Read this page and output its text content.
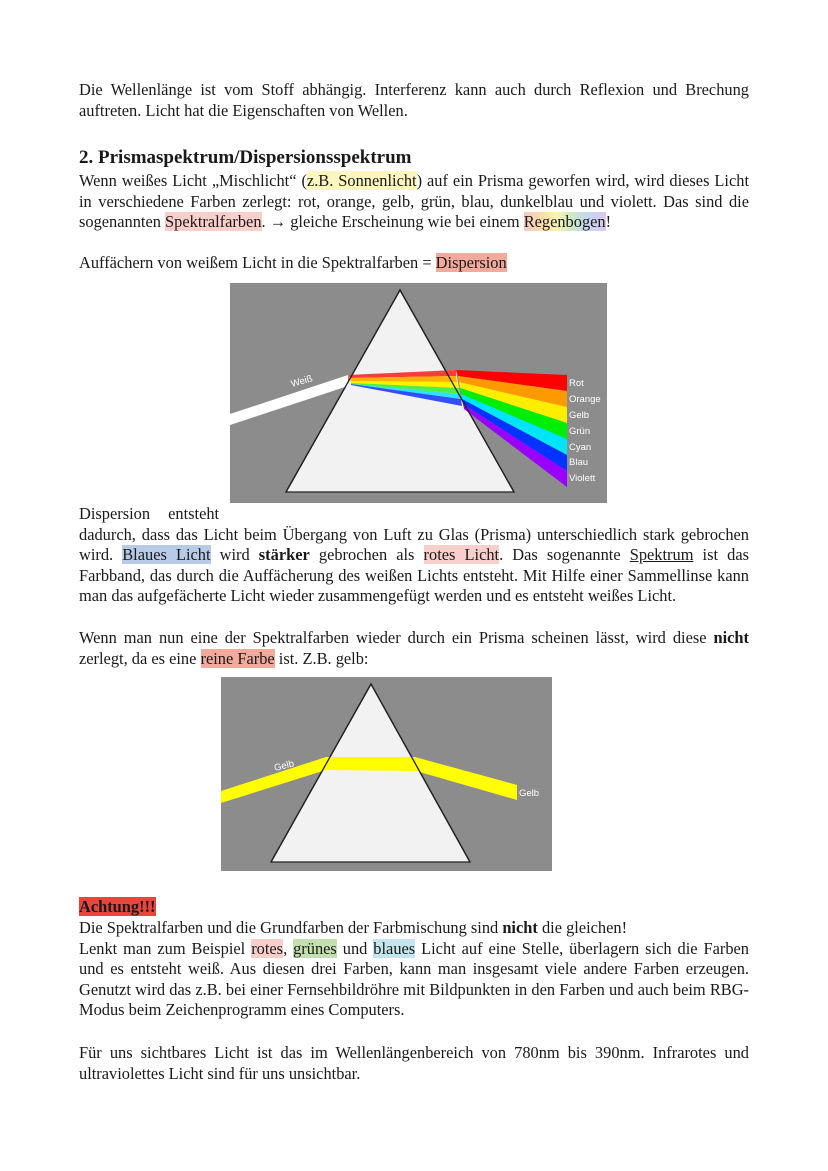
Die Wellenlänge ist vom Stoff abhängig. Interferenz kann auch durch Reflexion und Brechung auftreten. Licht hat die Eigenschaften von Wellen.

2. Prismaspektrum/Dispersionsspektrum

Wenn weißes Licht „Mischlicht“ (z.B. Sonnenlicht) auf ein Prisma geworfen wird, wird dieses Licht in verschiedene Farben zerlegt: rot, orange, gelb, grün, blau, dunkelblau und violett. Das sind die sogenannten Spektralfarben. → gleiche Erscheinung wie bei einem Regenbogen!

Auffächern von weißem Licht in die Spektralfarben = Dispersion

Weiß	Rot
Orange
Gelb
Grün
Cyan
Blau
Violett

Dispersion entsteht
dadurch, dass das Licht beim Übergang von Luft zu Glas (Prisma) unterschiedlich stark gebrochen wird. Blaues Licht wird stärker gebrochen als rotes Licht. Das sogenannte Spektrum ist das Farbband, das durch die Auffächerung des weißen Lichts entsteht. Mit Hilfe einer Sammellinse kann man das aufgefächerte Licht wieder zusammengefügt werden und es entsteht weißes Licht.

Wenn man nun eine der Spektralfarben wieder durch ein Prisma scheinen lässt, wird diese nicht zerlegt, da es eine reine Farbe ist. Z.B. gelb:

Gelb
Gelb

Achtung!!!

Die Spektralfarben und die Grundfarben der Farbmischung sind nicht die gleichen!
Lenkt man zum Beispiel rotes, grünes und blaues Licht auf eine Stelle, überlagern sich die Farben und es entsteht weiß. Aus diesen drei Farben, kann man insgesamt viele andere Farben erzeugen. Genutzt wird das z.B. bei einer Fernsehbildröhre mit Bildpunkten in den Farben und auch beim RBG-Modus beim Zeichenprogramm eines Computers.

Für uns sichtbares Licht ist das im Wellenlängenbereich von 780nm bis 390nm. Infrarotes und ultraviolettes Licht sind für uns unsichtbar.
